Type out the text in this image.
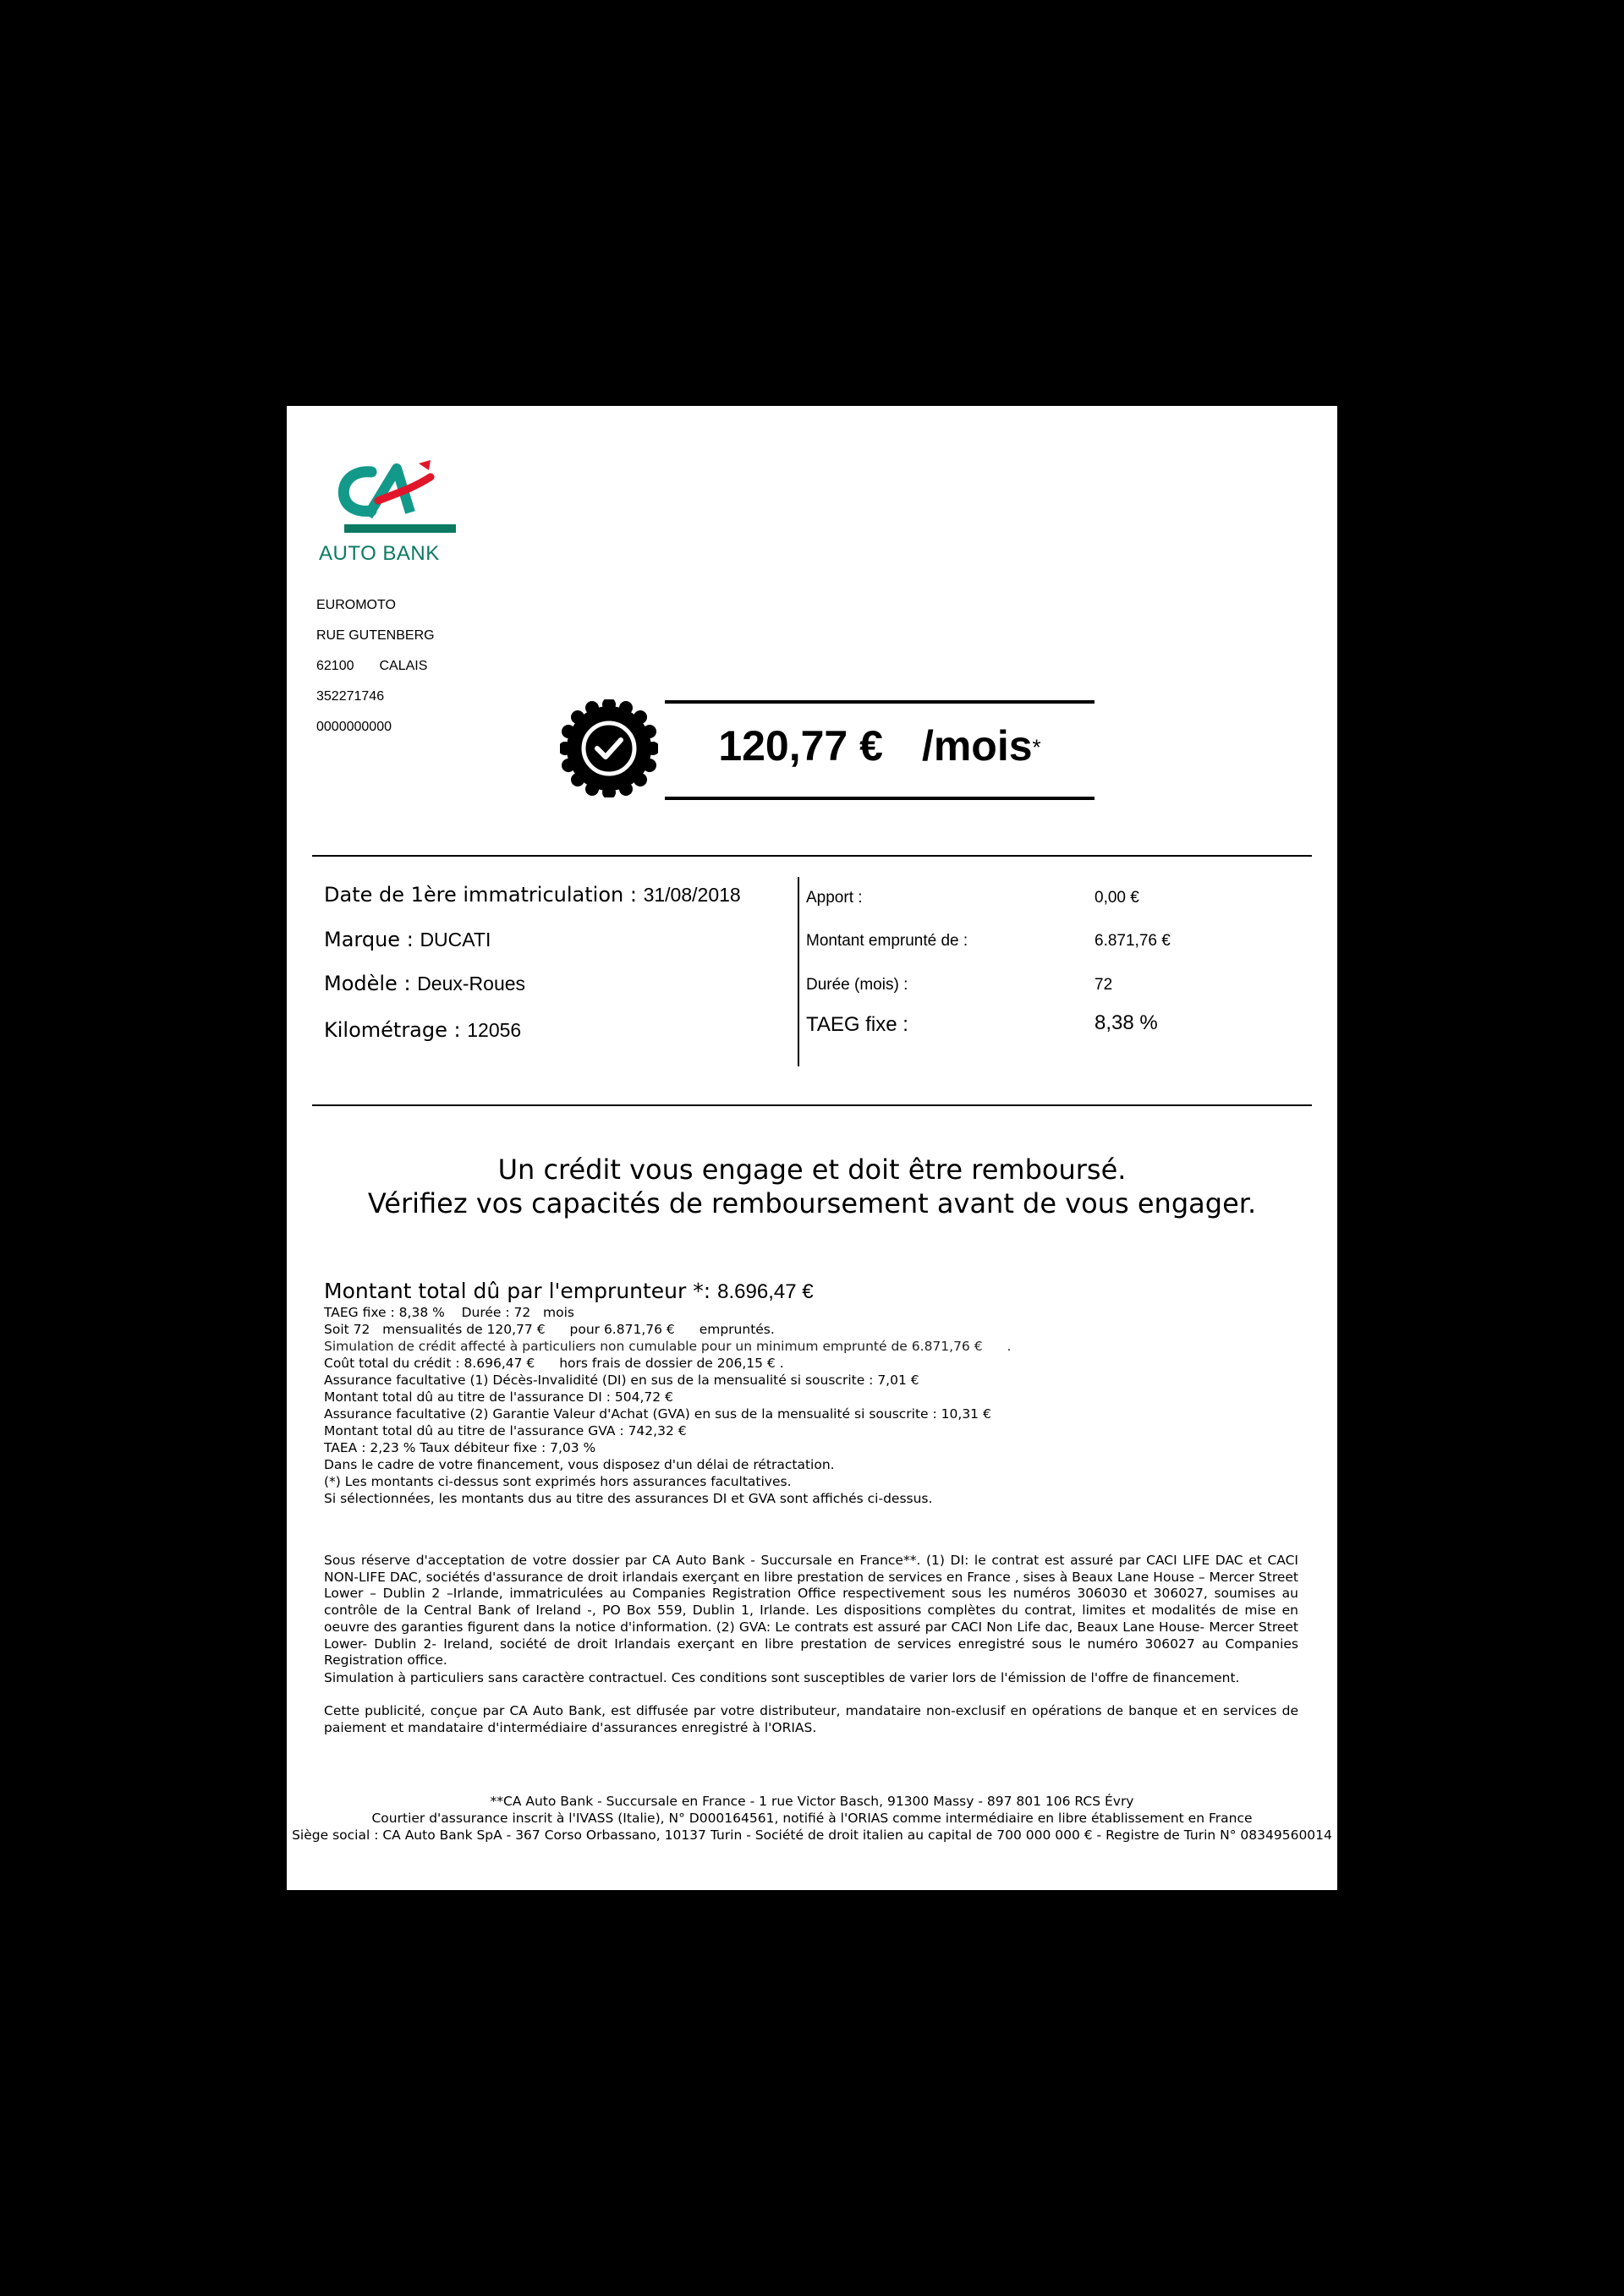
AUTO BANK
EUROMOTO
RUE GUTENBERG
62100 CALAIS
352271746
0000000000	120,77 € /mois*
Date de 1ère immatriculation : 31/08/2018
Marque : DUCATI
Modèle : Deux-Roues
Kilométrage : 12056
Apport :	0,00 €
Montant emprunté de :	6.871,76 €
Durée (mois) :	72
TAEG fixe :	8,38 %
Un crédit vous engage et doit être remboursé.
Vérifiez vos capacités de remboursement avant de vous engager.
Montant total dû par l'emprunteur *: 8.696,47 €
TAEG fixe : 8,38 % Durée : 72 mois
Soit 72 mensualités de 120,77 € pour 6.871,76 € empruntés.
Simulation de crédit affecté à particuliers non cumulable pour un minimum emprunté de 6.871,76 € .
Coût total du crédit : 8.696,47 € hors frais de dossier de 206,15 € .
Assurance facultative (1) Décès-Invalidité (DI) en sus de la mensualité si souscrite : 7,01 €
Montant total dû au titre de l'assurance DI : 504,72 €
Assurance facultative (2) Garantie Valeur d'Achat (GVA) en sus de la mensualité si souscrite : 10,31 €
Montant total dû au titre de l'assurance GVA : 742,32 €
TAEA : 2,23 % Taux débiteur fixe : 7,03 %
Dans le cadre de votre financement, vous disposez d'un délai de rétractation.
(*) Les montants ci-dessus sont exprimés hors assurances facultatives.
Si sélectionnées, les montants dus au titre des assurances DI et GVA sont affichés ci-dessus.
Sous réserve d'acceptation de votre dossier par CA Auto Bank - Succursale en France**. (1) DI: le contrat est assuré par CACI LIFE DAC et CACI NON-LIFE DAC, sociétés d'assurance de droit irlandais exerçant en libre prestation de services en France , sises à Beaux Lane House – Mercer Street Lower – Dublin 2 –Irlande, immatriculées au Companies Registration Office respectivement sous les numéros 306030 et 306027, soumises au contrôle de la Central Bank of Ireland -, PO Box 559, Dublin 1, Irlande. Les dispositions complètes du contrat, limites et modalités de mise en oeuvre des garanties figurent dans la notice d'information. (2) GVA: Le contrats est assuré par CACI Non Life dac, Beaux Lane House- Mercer Street Lower- Dublin 2- Ireland, société de droit Irlandais exerçant en libre prestation de services enregistré sous le numéro 306027 au Companies Registration office.
Simulation à particuliers sans caractère contractuel. Ces conditions sont susceptibles de varier lors de l'émission de l'offre de financement.
Cette publicité, conçue par CA Auto Bank, est diffusée par votre distributeur, mandataire non-exclusif en opérations de banque et en services de paiement et mandataire d'intermédiaire d'assurances enregistré à l'ORIAS.
**CA Auto Bank - Succursale en France - 1 rue Victor Basch, 91300 Massy - 897 801 106 RCS Évry
Courtier d'assurance inscrit à l'IVASS (Italie), N° D000164561, notifié à l'ORIAS comme intermédiaire en libre établissement en France
Siège social : CA Auto Bank SpA - 367 Corso Orbassano, 10137 Turin - Société de droit italien au capital de 700 000 000 € - Registre de Turin N° 08349560014
